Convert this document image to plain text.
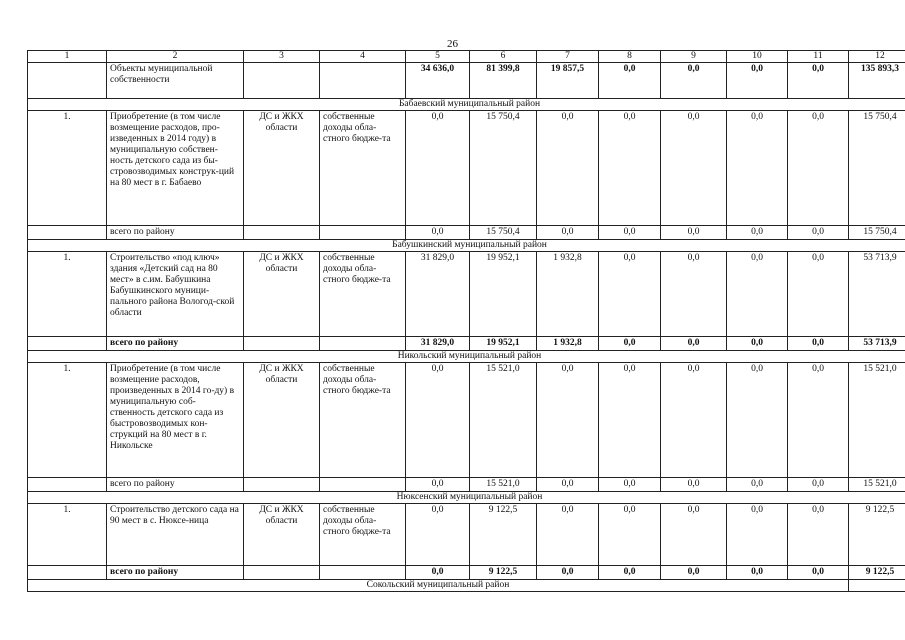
26
1	2	3	4	5	6	7	8	9	10	11	12
	Объекты муниципальной собственности			34 636,0	81 399,8	19 857,5	0,0	0,0	0,0	0,0	135 893,3
Бабаевский муниципальный район											
1.	Приобретение (в том числе возмещение расходов, про-изведенных в 2014 году) в муниципальную собствен-ность детского сада из бы-стровозводимых конструк-ций на 80 мест в г. Бабаево	ДС и ЖКХ области	собственные доходы обла-стного бюдже-та	0,0	15 750,4	0,0	0,0	0,0	0,0	0,0	15 750,4
	всего по району			0,0	15 750,4	0,0	0,0	0,0	0,0	0,0	15 750,4
Бабушкинский муниципальный район											
1.	Строительство «под ключ» здания «Детский сад на 80 мест» в с.им. Бабушкина Бабушкинского муници-пального района Вологод-ской области	ДС и ЖКХ области	собственные доходы обла-стного бюдже-та	31 829,0	19 952,1	1 932,8	0,0	0,0	0,0	0,0	53 713,9
	всего по району			31 829,0	19 952,1	1 932,8	0,0	0,0	0,0	0,0	53 713,9
Никольский муниципальный район											
1.	Приобретение (в том числе возмещение расходов, произведенных в 2014 го-ду) в муниципальную соб-ственность детского сада из быстровозводимых кон-струкций на 80 мест в г. Никольске	ДС и ЖКХ области	собственные доходы обла-стного бюдже-та	0,0	15 521,0	0,0	0,0	0,0	0,0	0,0	15 521,0
	всего по району			0,0	15 521,0	0,0	0,0	0,0	0,0	0,0	15 521,0
Нюксенский муниципальный район											
1.	Строительство детского сада на 90 мест в с. Нюксе-ница	ДС и ЖКХ области	собственные доходы обла-стного бюдже-та	0,0	9 122,5	0,0	0,0	0,0	0,0	0,0	9 122,5
	всего по району			0,0	9 122,5	0,0	0,0	0,0	0,0	0,0	9 122,5
Сокольский муниципальный район											
